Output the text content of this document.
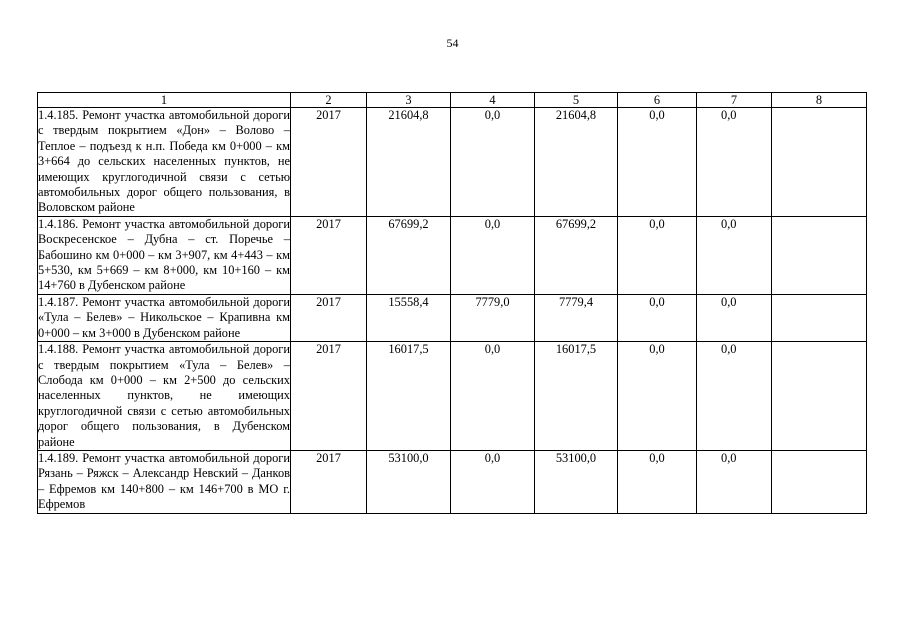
54
1	2	3	4	5	6	7	8
1.4.185. Ремонт участка автомобильной дороги с твердым покрытием «Дон» – Волово – Теплое – подъезд к н.п. Победа км 0+000 – км 3+664 до сельских населенных пунктов, не имеющих круглогодичной связи с сетью автомобильных дорог общего пользования, в Воловском районе	2017	21604,8	0,0	21604,8	0,0	0,0	
1.4.186. Ремонт участка автомобильной дороги Воскресенское – Дубна – ст. Поречье – Бабошино км 0+000 – км 3+907, км 4+443 – км 5+530, км 5+669 – км 8+000, км 10+160 – км 14+760 в Дубенском районе	2017	67699,2	0,0	67699,2	0,0	0,0	
1.4.187. Ремонт участка автомобильной дороги «Тула – Белев» – Никольское – Крапивна км 0+000 – км 3+000 в Дубенском районе	2017	15558,4	7779,0	7779,4	0,0	0,0	
1.4.188. Ремонт участка автомобильной дороги с твердым покрытием «Тула – Белев» – Слобода км 0+000 – км 2+500 до сельских населенных пунктов, не имеющих круглогодичной связи с сетью автомобильных дорог общего пользования, в Дубенском районе	2017	16017,5	0,0	16017,5	0,0	0,0	
1.4.189. Ремонт участка автомобильной дороги Рязань – Ряжск – Александр Невский – Данков – Ефремов км 140+800 – км 146+700 в МО г. Ефремов	2017	53100,0	0,0	53100,0	0,0	0,0	
